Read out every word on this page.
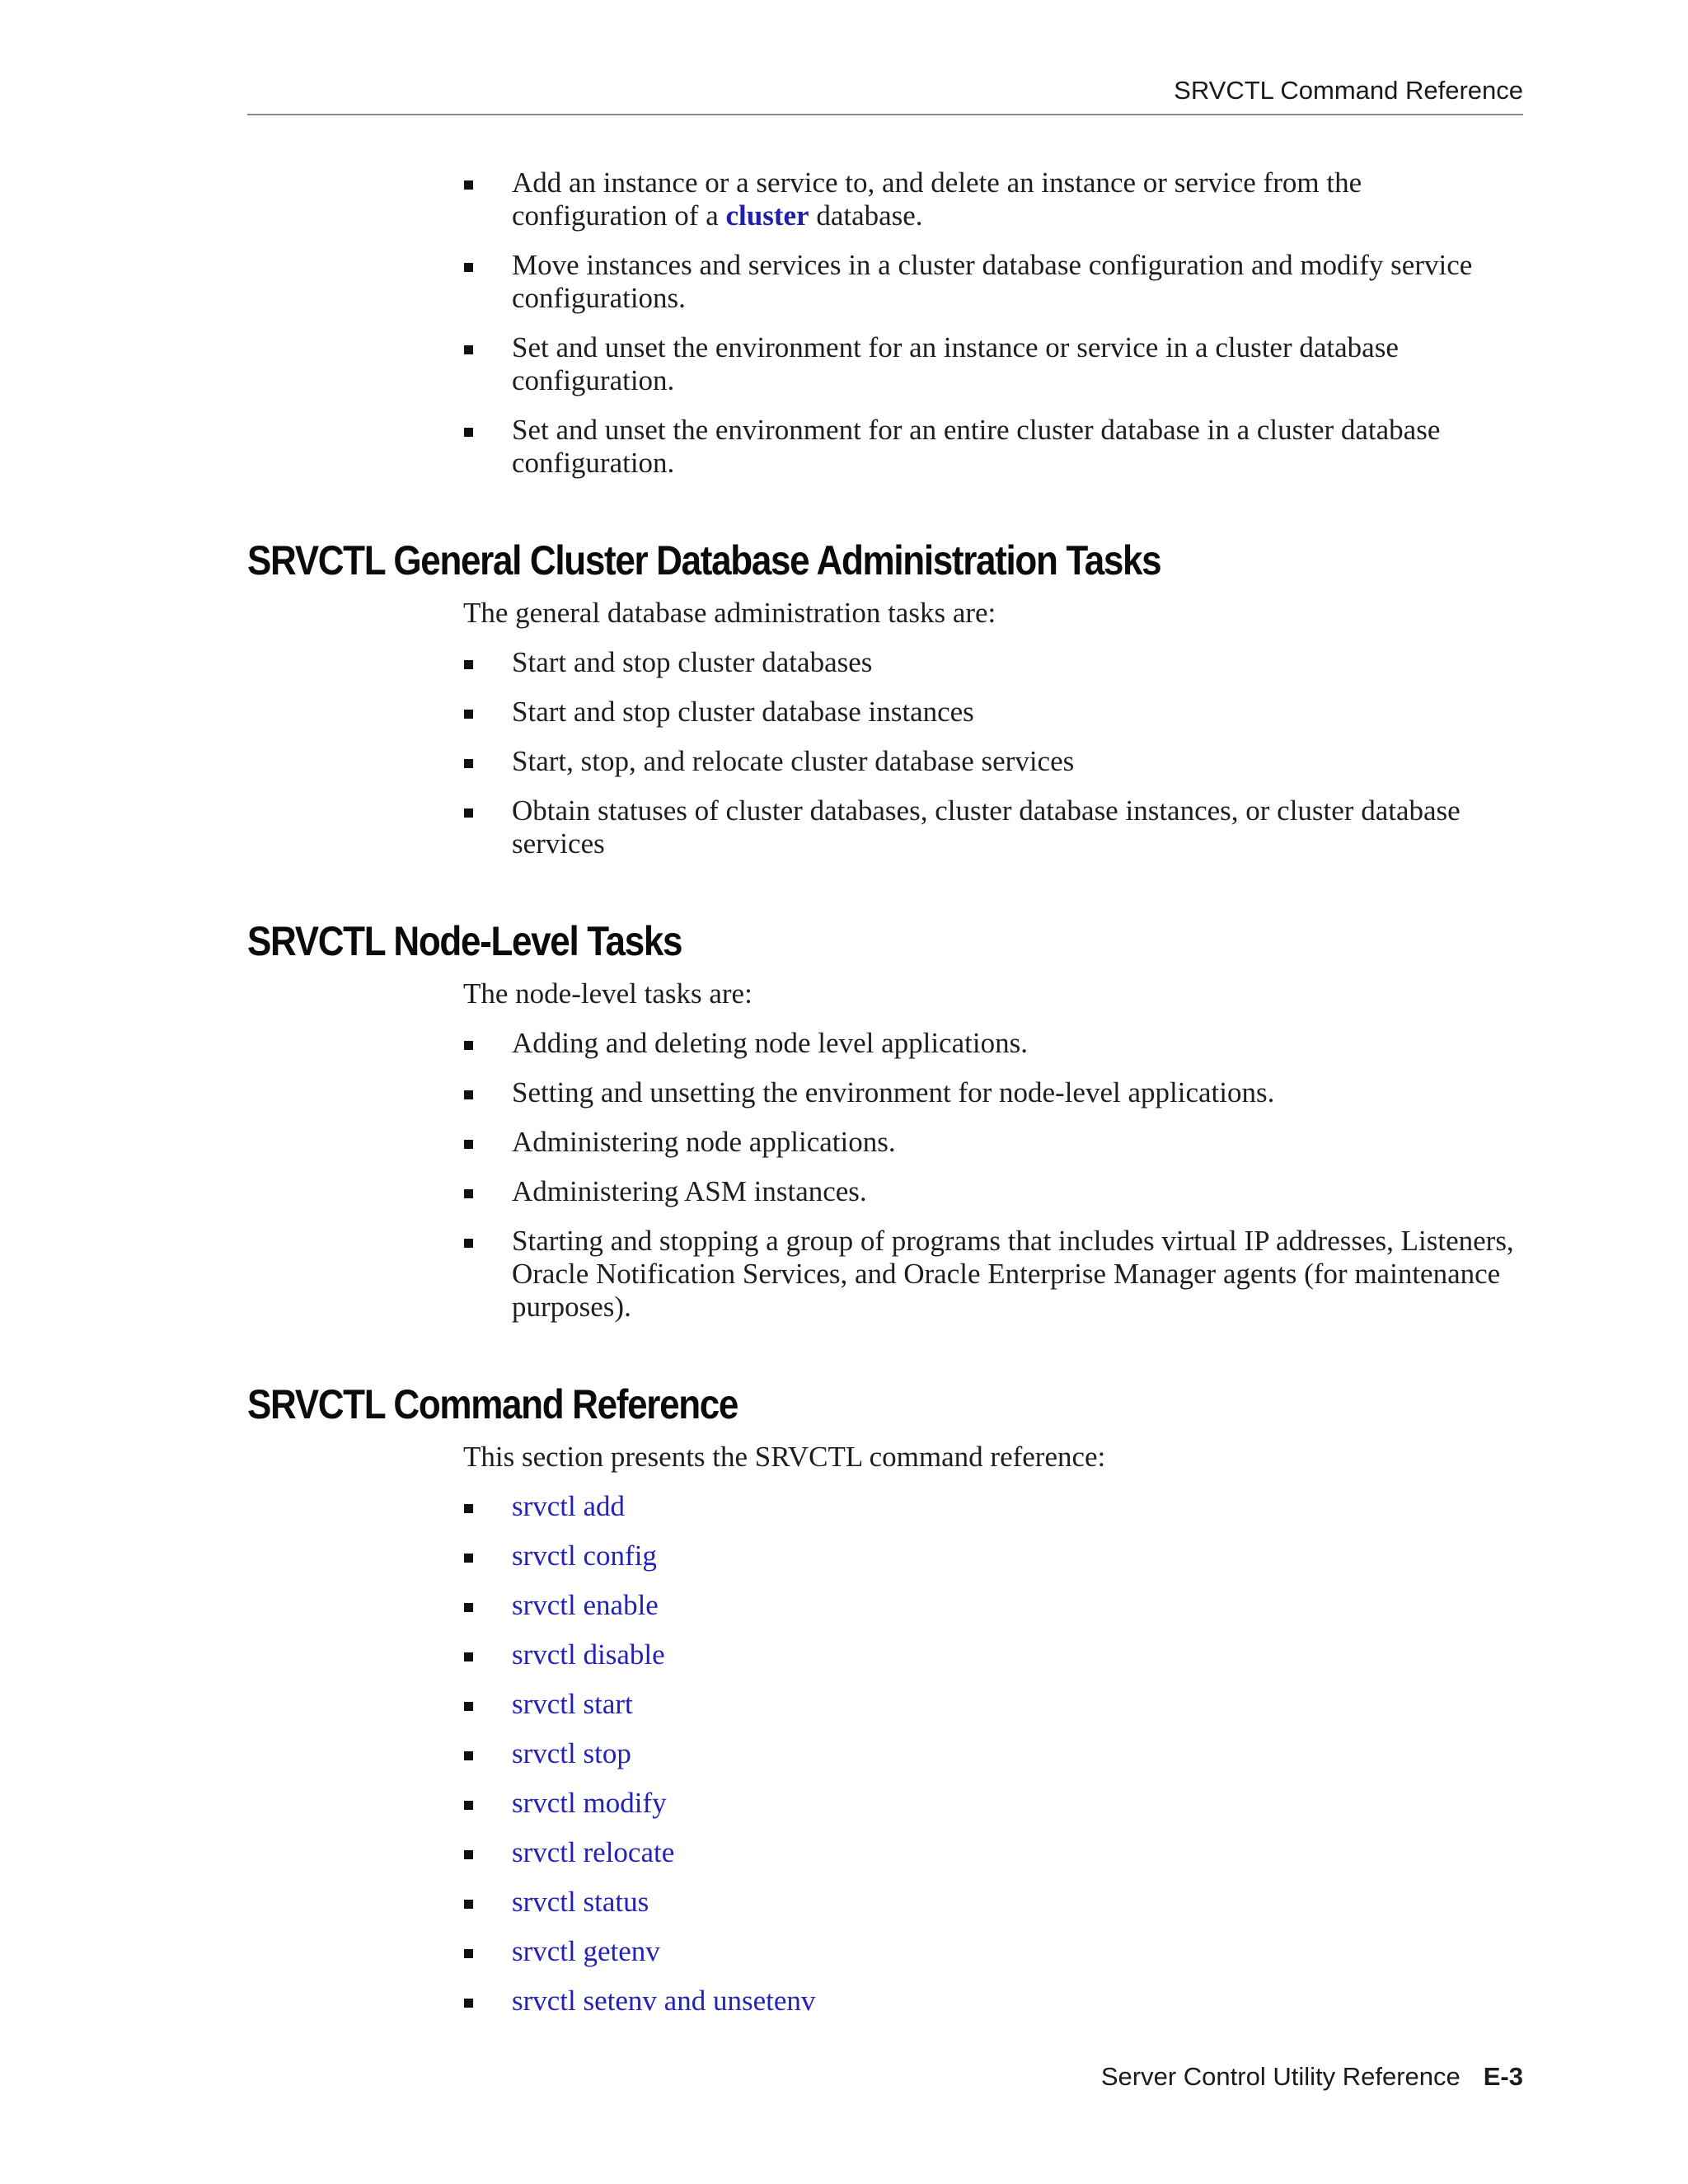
SRVCTL Command Reference
Add an instance or a service to, and delete an instance or service from the configuration of a cluster database.
Move instances and services in a cluster database configuration and modify service configurations.
Set and unset the environment for an instance or service in a cluster database configuration.
Set and unset the environment for an entire cluster database in a cluster database configuration.
SRVCTL General Cluster Database Administration Tasks

The general database administration tasks are:

Start and stop cluster databases
Start and stop cluster database instances
Start, stop, and relocate cluster database services
Obtain statuses of cluster databases, cluster database instances, or cluster database services
SRVCTL Node-Level Tasks

The node-level tasks are:

Adding and deleting node level applications.
Setting and unsetting the environment for node-level applications.
Administering node applications.
Administering ASM instances.
Starting and stopping a group of programs that includes virtual IP addresses, Listeners, Oracle Notification Services, and Oracle Enterprise Manager agents (for maintenance purposes).
SRVCTL Command Reference

This section presents the SRVCTL command reference:

srvctl add
srvctl config
srvctl enable
srvctl disable
srvctl start
srvctl stop
srvctl modify
srvctl relocate
srvctl status
srvctl getenv
srvctl setenv and unsetenv
Server Control Utility Reference E-3
